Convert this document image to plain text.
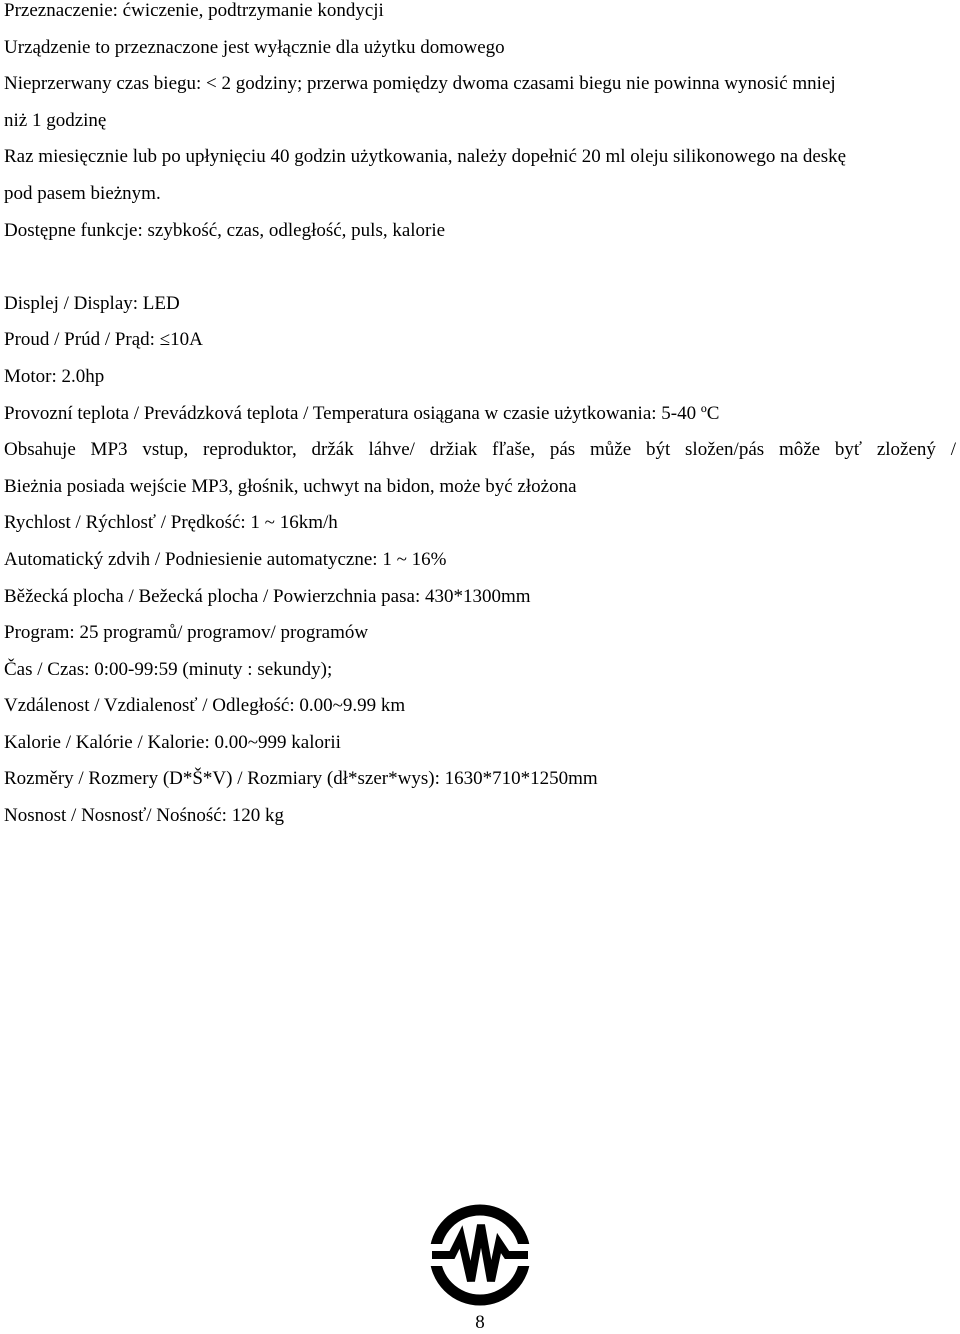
Przeznaczenie: ćwiczenie, podtrzymanie kondycji
Urządzenie to przeznaczone jest wyłącznie dla użytku domowego
Nieprzerwany czas biegu: < 2 godziny; przerwa pomiędzy dwoma czasami biegu nie powinna wynosić mniej
niż 1 godzinę
Raz miesięcznie lub po upłynięciu 40 godzin użytkowania, należy dopełnić 20 ml oleju silikonowego na deskę
pod pasem bieżnym.
Dostępne funkcje: szybkość, czas, odległość, puls, kalorie
Displej / Display: LED
Proud / Prúd / Prąd: ≤10A
Motor: 2.0hp
Provozní teplota / Prevádzková teplota / Temperatura osiągana w czasie użytkowania: 5-40 ºC
Obsahuje MP3 vstup, reproduktor, držák láhve/ držiak fľaše, pás může být složen/pás môže byť zložený /
Bieżnia posiada wejście MP3, głośnik, uchwyt na bidon, może być złożona
Rychlost / Rýchlosť / Prędkość: 1 ~ 16km/h
Automatický zdvih / Podniesienie automatyczne: 1 ~ 16%
Běžecká plocha / Bežecká plocha / Powierzchnia pasa: 430*1300mm
Program: 25 programů/ programov/ programów
Čas / Czas: 0:00-99:59 (minuty : sekundy);
Vzdálenost / Vzdialenosť / Odległość: 0.00~9.99 km
Kalorie / Kalórie / Kalorie: 0.00~999 kalorii
Rozměry / Rozmery (D*Š*V) / Rozmiary (dł*szer*wys): 1630*710*1250mm
Nosnost / Nosnosť/ Nośność: 120 kg
8
